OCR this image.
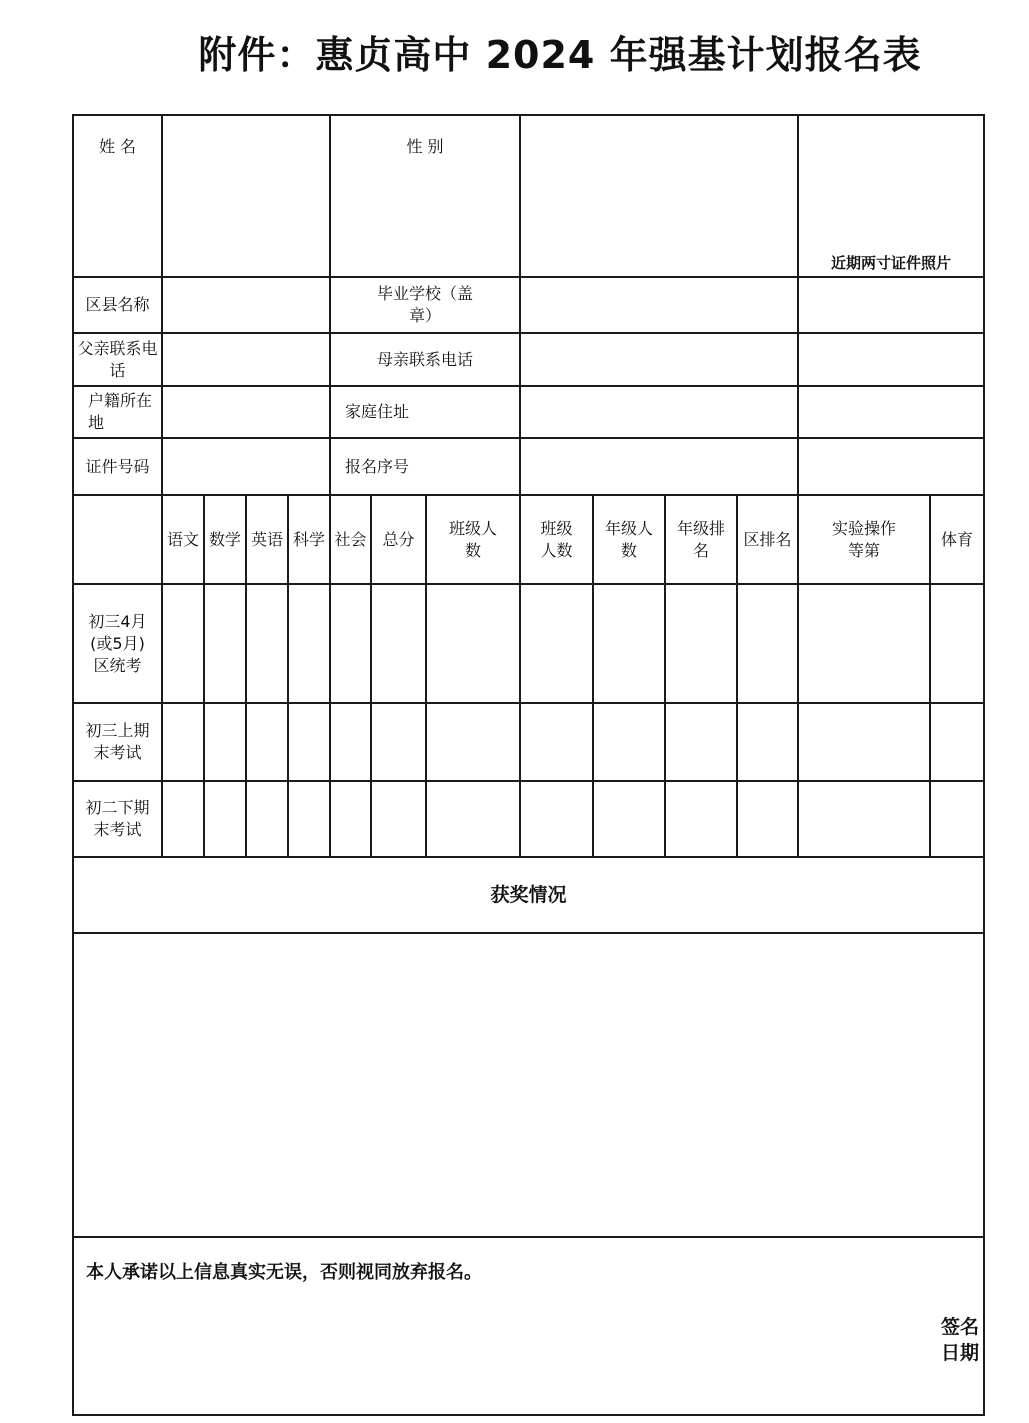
附件：惠贞高中 2024 年强基计划报名表
姓 名					性 别							近期两寸证件照片	
区县名称					毕业学校（盖章）								
父亲联系电话					母亲联系电话								
户籍所在地					家庭住址								
证件号码					报名序号								
	语文	数学	英语	科学	社会	总分	班级人数	班级人数	年级人数	年级排名	区排名	实验操作等第	体育
初三4月(或5月)区统考													
初三上期末考试													
初二下期末考试													
获奖情况													

本人承诺以上信息真实无误，否则视同放弃报名。
签名
日期													
